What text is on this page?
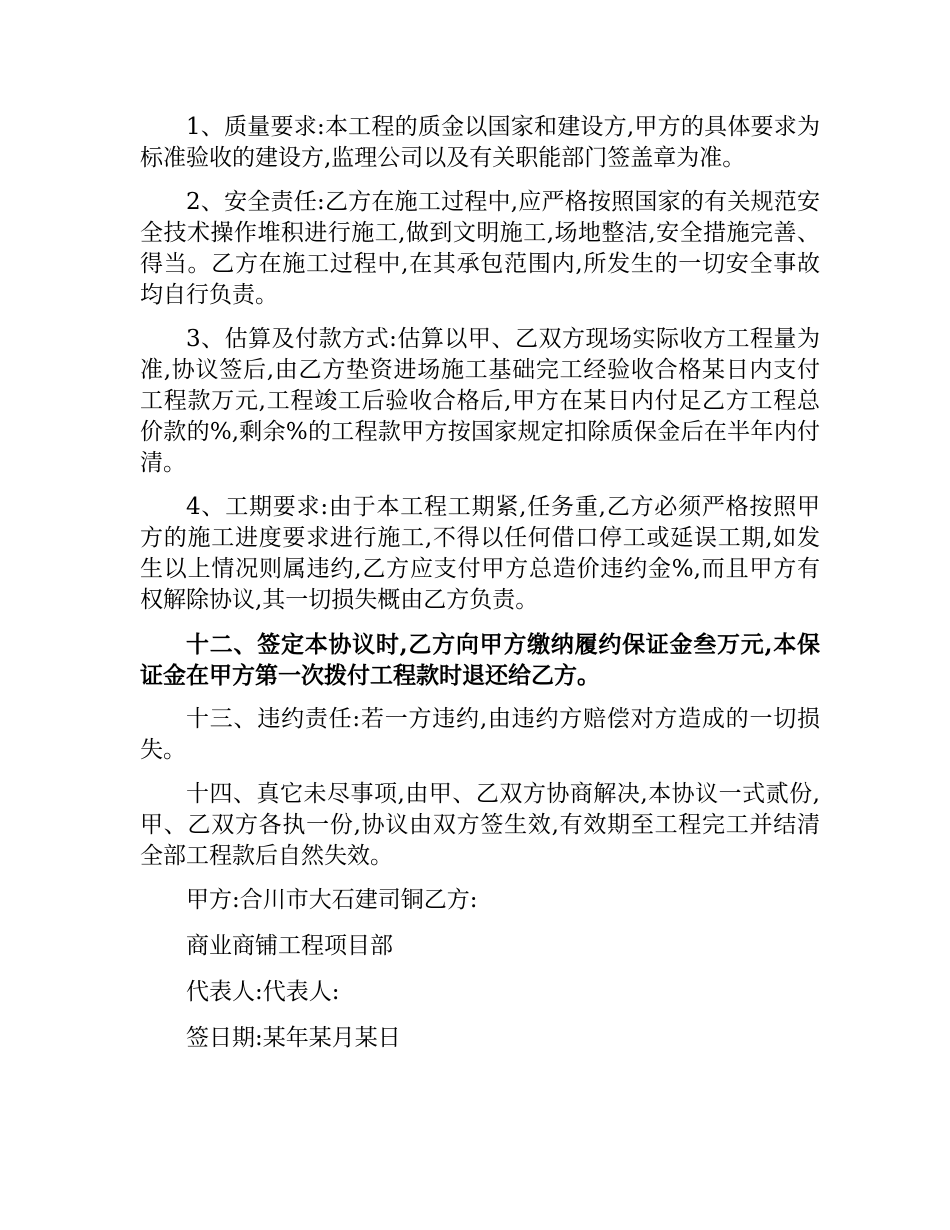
1、质量要求:本工程的质金以国家和建设方,甲方的具体要求为标准验收的建设方,监理公司以及有关职能部门签盖章为准。

2、安全责任:乙方在施工过程中,应严格按照国家的有关规范安全技术操作堆积进行施工,做到文明施工,场地整洁,安全措施完善、得当。乙方在施工过程中,在其承包范围内,所发生的一切安全事故均自行负责。

3、估算及付款方式:估算以甲、乙双方现场实际收方工程量为准,协议签后,由乙方垫资进场施工基础完工经验收合格某日内支付工程款万元,工程竣工后验收合格后,甲方在某日内付足乙方工程总价款的%,剩余%的工程款甲方按国家规定扣除质保金后在半年内付清。

4、工期要求:由于本工程工期紧,任务重,乙方必须严格按照甲方的施工进度要求进行施工,不得以任何借口停工或延误工期,如发生以上情况则属违约,乙方应支付甲方总造价违约金%,而且甲方有权解除协议,其一切损失概由乙方负责。

十二、签定本协议时,乙方向甲方缴纳履约保证金叁万元,本保证金在甲方第一次拨付工程款时退还给乙方。

十三、违约责任:若一方违约,由违约方赔偿对方造成的一切损失。

十四、真它未尽事项,由甲、乙双方协商解决,本协议一式贰份,甲、乙双方各执一份,协议由双方签生效,有效期至工程完工并结清全部工程款后自然失效。

甲方:合川市大石建司铜乙方:
商业商铺工程项目部
代表人:代表人:
签日期:某年某月某日
